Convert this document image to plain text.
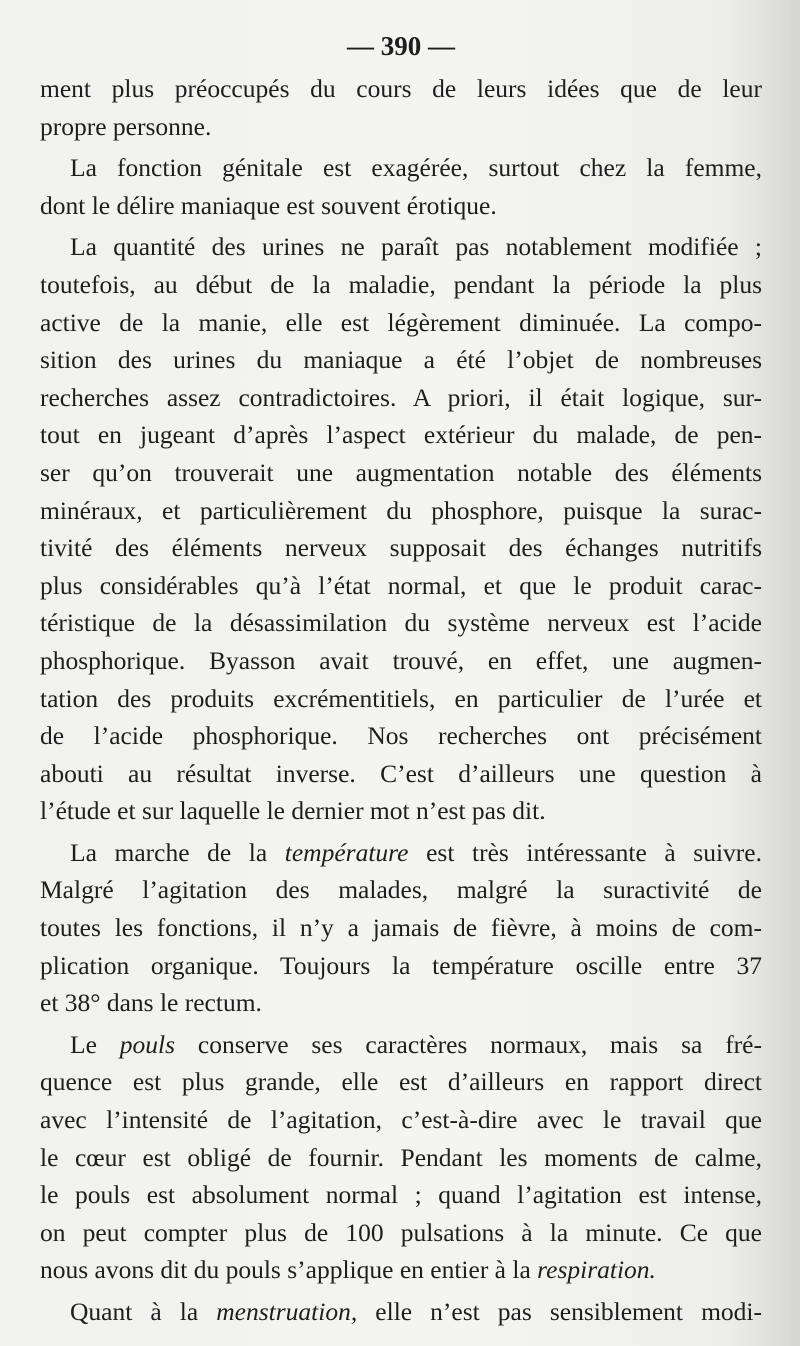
— 390 —
ment plus préoccupés du cours de leurs idées que de leur
propre personne.
La fonction génitale est exagérée, surtout chez la femme,
dont le délire maniaque est souvent érotique.
La quantité des urines ne paraît pas notablement modifiée ;
toutefois, au début de la maladie, pendant la période la plus
active de la manie, elle est légèrement diminuée. La compo-
sition des urines du maniaque a été l’objet de nombreuses
recherches assez contradictoires. A priori, il était logique, sur-
tout en jugeant d’après l’aspect extérieur du malade, de pen-
ser qu’on trouverait une augmentation notable des éléments
minéraux, et particulièrement du phosphore, puisque la surac-
tivité des éléments nerveux supposait des échanges nutritifs
plus considérables qu’à l’état normal, et que le produit carac-
téristique de la désassimilation du système nerveux est l’acide
phosphorique. Byasson avait trouvé, en effet, une augmen-
tation des produits excrémentitiels, en particulier de l’urée et
de l’acide phosphorique. Nos recherches ont précisément
abouti au résultat inverse. C’est d’ailleurs une question à
l’étude et sur laquelle le dernier mot n’est pas dit.
La marche de la température est très intéressante à suivre.
Malgré l’agitation des malades, malgré la suractivité de
toutes les fonctions, il n’y a jamais de fièvre, à moins de com-
plication organique. Toujours la température oscille entre 37
et 38° dans le rectum.
Le pouls conserve ses caractères normaux, mais sa fré-
quence est plus grande, elle est d’ailleurs en rapport direct
avec l’intensité de l’agitation, c’est-à-dire avec le travail que
le cœur est obligé de fournir. Pendant les moments de calme,
le pouls est absolument normal ; quand l’agitation est intense,
on peut compter plus de 100 pulsations à la minute. Ce que
nous avons dit du pouls s’applique en entier à la respiration.
Quant à la menstruation, elle n’est pas sensiblement modi-
